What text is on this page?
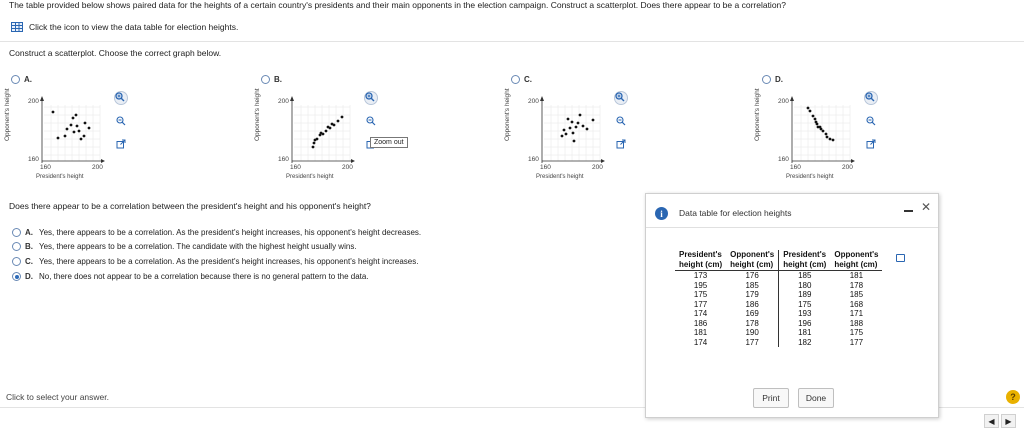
The table provided below shows paired data for the heights of a certain country's presidents and their main opponents in the election campaign. Construct a scatterplot. Does there appear to be a correlation?
Click the icon to view the data table for election heights.
Construct a scatterplot. Choose the correct graph below.
A.	B.	C.	D.
Opponent's height	200
160
160	200
President's height
Opponent's height	200
160
160	200
President's height
Zoom out
Opponent's height	200
160
160	200
President's height
Opponent's height	200
160
160	200
President's height
Does there appear to be a correlation between the president's height and his opponent's height?
A. Yes, there appears to be a correlation. As the president's height increases, his opponent's height decreases.
B. Yes, there appears to be a correlation. The candidate with the highest height usually wins.
C. Yes, there appears to be a correlation. As the president's height increases, his opponent's height increases.
D. No, there does not appear to be a correlation because there is no general pattern to the data.
Click to select your answer.
i	Data table for election heights	✕
President's	Opponent's	President's	Opponent's
height (cm)	height (cm)	height (cm)	height (cm)
173	176	185	181
195	185	180	178
175	179	189	185
177	186	175	168
174	169	193	171
186	178	196	188
181	190	181	175
174	177	182	177
Print	Done	?
◀	▶
